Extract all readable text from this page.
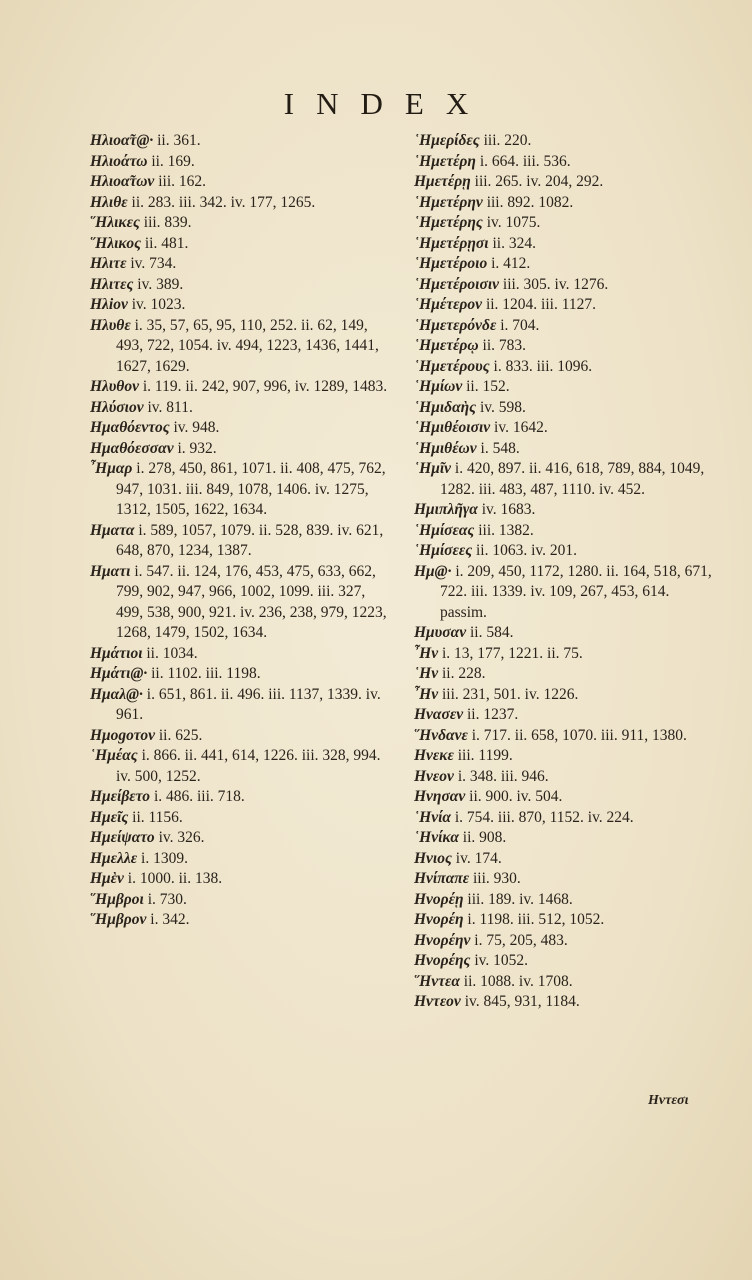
INDEX

Ηλιοα̃τ@· ii. 361.

Ηλιοάτω ii. 169.

Ηλιοα̃των iii. 162.

Ηλιθε ii. 283. iii. 342. iv. 177, 1265.

῞Ηλικες iii. 839.

῞Ηλικος ii. 481.

Ηλιτε iv. 734.

Ηλιτες iv. 389.

Ηλiον iv. 1023.

Ηλυθε i. 35, 57, 65, 95, 110, 252. ii. 62, 149, 493, 722, 1054. iv. 494, 1223, 1436, 1441, 1627, 1629.

Ηλυθον i. 119. ii. 242, 907, 996, iv. 1289, 1483.

Ηλύσιον iv. 811.

Ημαθόεντος iv. 948.

Ημαθόεσσαν i. 932.

῏Ημαρ i. 278, 450, 861, 1071. ii. 408, 475, 762, 947, 1031. iii. 849, 1078, 1406. iv. 1275, 1312, 1505, 1622, 1634.

Ηματα i. 589, 1057, 1079. ii. 528, 839. iv. 621, 648, 870, 1234, 1387.

Ηματι i. 547. ii. 124, 176, 453, 475, 633, 662, 799, 902, 947, 966, 1002, 1099. iii. 327, 499, 538, 900, 921. iv. 236, 238, 979, 1223, 1268, 1479, 1502, 1634.

Ημάτιοι ii. 1034.

Ημάτι@· ii. 1102. iii. 1198.

Ημαλ@· i. 651, 861. ii. 496. iii. 1137, 1339. iv. 961.

Ημοgοτον ii. 625.

῾Ημέας i. 866. ii. 441, 614, 1226. iii. 328, 994. iv. 500, 1252.

Ημείβετο i. 486. iii. 718.

Ημεῖς ii. 1156.

Ημείψατο iv. 326.

Ημελλε i. 1309.

Ημὲν i. 1000. ii. 138.

῞Ημβροι i. 730.

῞Ημβρον i. 342.

῾Ημερίδες iii. 220.

῾Ημετέρη i. 664. iii. 536.

Ημετέρῃ iii. 265. iv. 204, 292.

῾Ημετέρην iii. 892. 1082.

῾Ημετέρης iv. 1075.

῾Ημετέρῃσι ii. 324.

῾Ημετέροιο i. 412.

῾Ημετέροισιν iii. 305. iv. 1276.

῾Ημέτερον ii. 1204. iii. 1127.

῾Ημετερόνδε i. 704.

῾Ημετέρῳ ii. 783.

῾Ημετέρους i. 833. iii. 1096.

῾Ημίων ii. 152.

῾Ημιδαὴς iv. 598.

῾Ημιθέοισιν iv. 1642.

῾Ημιθέων i. 548.

῾Ημῖν i. 420, 897. ii. 416, 618, 789, 884, 1049, 1282. iii. 483, 487, 1110. iv. 452.

Ημιπλῆγα iv. 1683.

῾Ημίσεας iii. 1382.

῾Ημίσεες ii. 1063. iv. 201.

Ημ@· i. 209, 450, 1172, 1280. ii. 164, 518, 671, 722. iii. 1339. iv. 109, 267, 453, 614. passim.

Ημυσαν ii. 584.

῏Ην i. 13, 177, 1221. ii. 75.

῾Ην ii. 228.

῏Ην iii. 231, 501. iv. 1226.

Ηνασεν ii. 1237.

῞Ηνδανε i. 717. ii. 658, 1070. iii. 911, 1380.

Ηνεκε iii. 1199.

Ηνεον i. 348. iii. 946.

Ηνησαν ii. 900. iv. 504.

῾Ηνία i. 754. iii. 870, 1152. iv. 224.

῾Ηνίκα ii. 908.

Ηνιος iv. 174.

Ηνίπαπε iii. 930.

Ηνορέῃ iii. 189. iv. 1468.

Ηνορέη i. 1198. iii. 512, 1052.

Ηνορέην i. 75, 205, 483.

Ηνορέης iv. 1052.

῞Ηντεα ii. 1088. iv. 1708.

Ηντεον iv. 845, 931, 1184.

Ηντεσι
